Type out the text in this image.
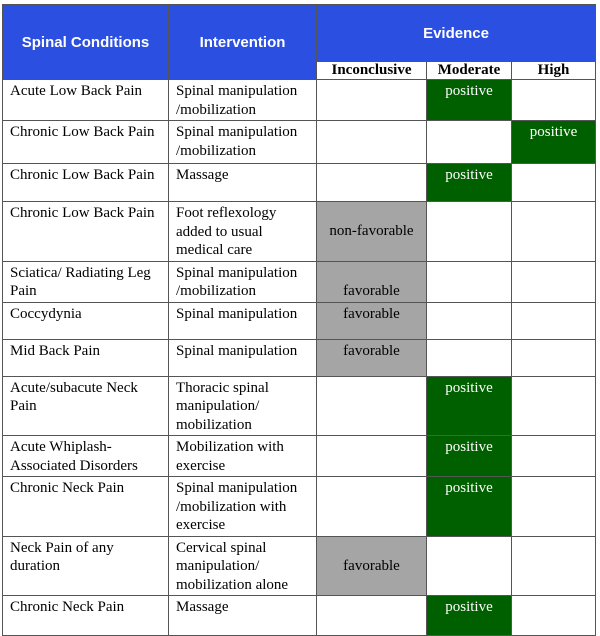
Spinal Conditions	Intervention	Evidence		
		Inconclusive	Moderate	High
Acute Low Back Pain	Spinal manipulation /mobilization		positive	
Chronic Low Back Pain	Spinal manipulation /mobilization			positive
Chronic Low Back Pain	Massage		positive	
Chronic Low Back Pain	Foot reflexology added to usual medical care	non-favorable		
Sciatica/ Radiating Leg Pain	Spinal manipulation /mobilization	favorable		
Coccydynia	Spinal manipulation	favorable		
Mid Back Pain	Spinal manipulation	favorable		
Acute/subacute Neck Pain	Thoracic spinal manipulation/ mobilization		positive	
Acute Whiplash-Associated Disorders	Mobilization with exercise		positive	
Chronic Neck Pain	Spinal manipulation /mobilization with exercise		positive	
Neck Pain of any duration	Cervical spinal manipulation/ mobilization alone	favorable		
Chronic Neck Pain	Massage		positive	
